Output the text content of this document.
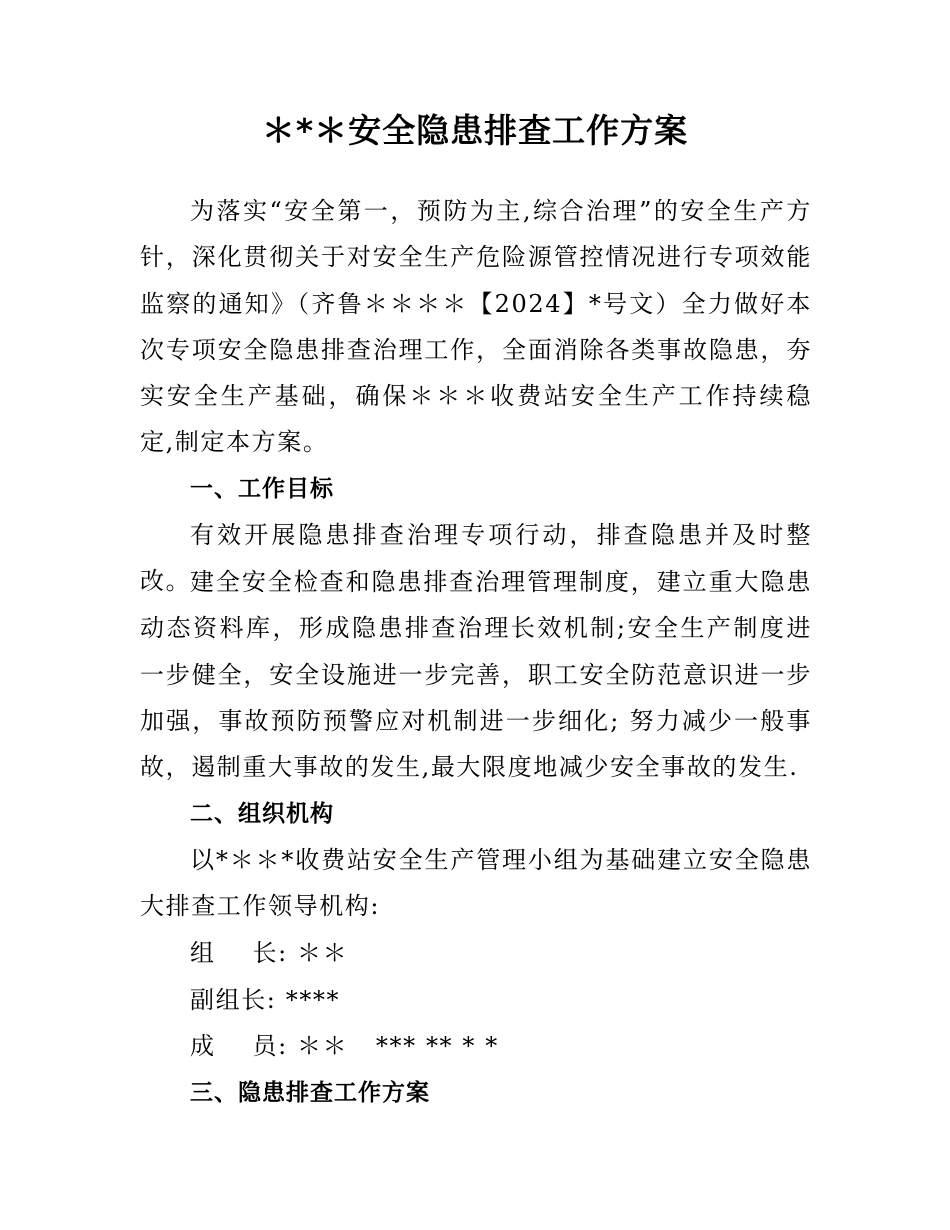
＊*＊安全隐患排查工作方案

为落实“安全第一，预防为主,综合治理”的安全生产方针，深化贯彻关于对安全生产危险源管控情况进行专项效能监察的通知》（齐鲁＊＊＊＊【2024】*号文）全力做好本次专项安全隐患排查治理工作，全面消除各类事故隐患，夯实安全生产基础，确保＊＊＊收费站安全生产工作持续稳定,制定本方案。

一、工作目标

有效开展隐患排查治理专项行动，排查隐患并及时整改。

建全安全检查和隐患排查治理管理制度，建立重大隐患动态资料库，形成隐患排查治理长效机制;安全生产制度进一步健全，安全设施进一步完善，职工安全防范意识进一步加强，事故预防预警应对机制进一步细化; 努力减少一般事故，遏制重大事故的发生,最大限度地减少安全事故的发生.

二、组织机构

以*＊＊*收费站安全生产管理小组为基础建立安全隐患大排查工作领导机构:

组    长: ＊＊

副组长: ****

成    员: ＊＊   *** ** * *

三、隐患排查工作方案
